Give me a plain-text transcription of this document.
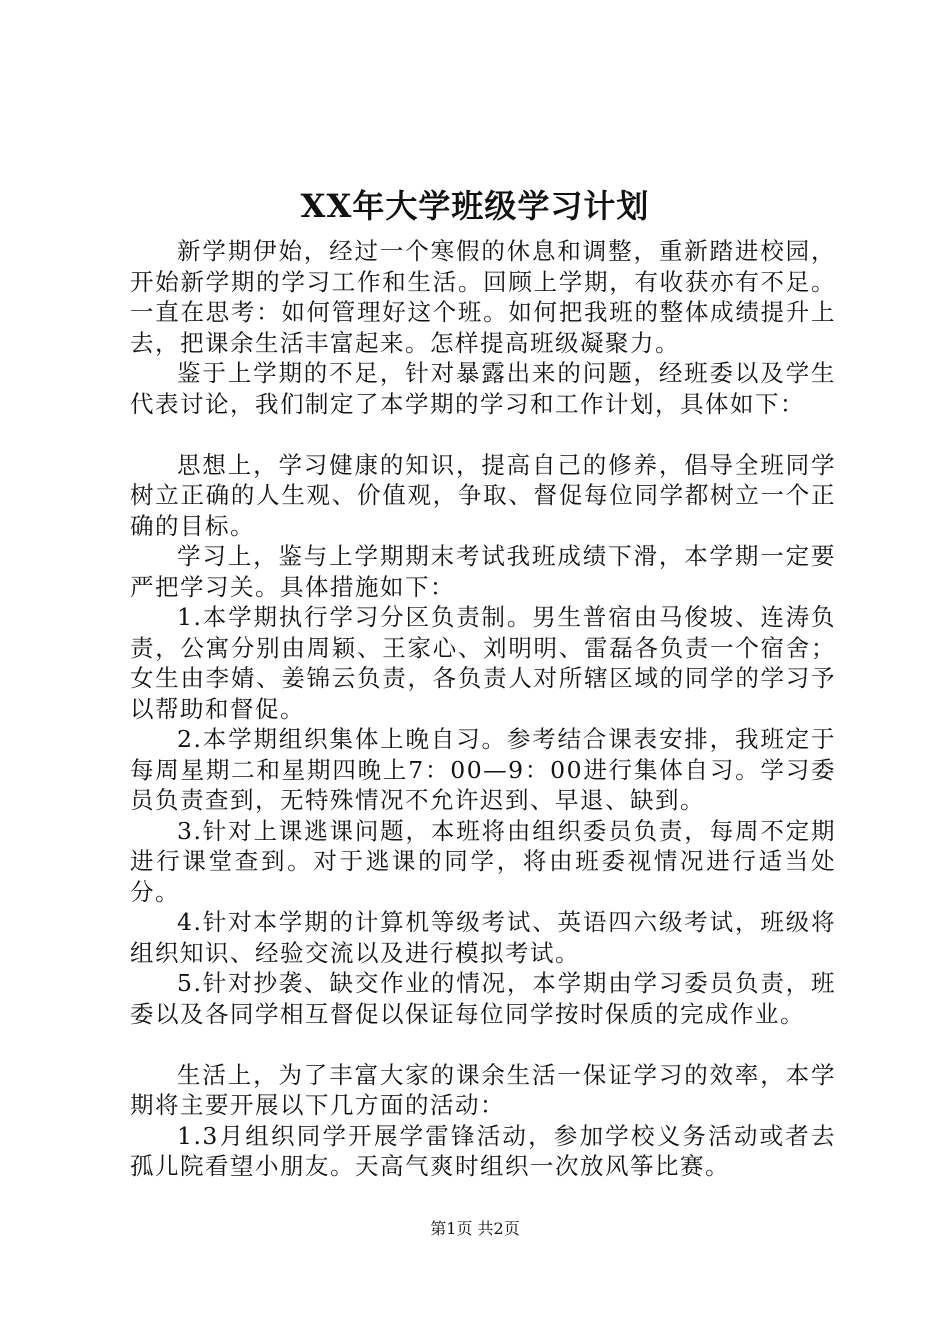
XX年大学班级学习计划

新学期伊始，经过一个寒假的休息和调整，重新踏进校园，开始新学期的学习工作和生活。回顾上学期，有收获亦有不足。一直在思考：如何管理好这个班。如何把我班的整体成绩提升上去，把课余生活丰富起来。怎样提高班级凝聚力。

鉴于上学期的不足，针对暴露出来的问题，经班委以及学生代表讨论，我们制定了本学期的学习和工作计划，具体如下：

思想上，学习健康的知识，提高自己的修养，倡导全班同学树立正确的人生观、价值观，争取、督促每位同学都树立一个正确的目标。

学习上，鉴与上学期期末考试我班成绩下滑，本学期一定要严把学习关。具体措施如下：

1.本学期执行学习分区负责制。男生普宿由马俊坡、连涛负责，公寓分别由周颖、王家心、刘明明、雷磊各负责一个宿舍；女生由李婧、姜锦云负责，各负责人对所辖区域的同学的学习予以帮助和督促。

2.本学期组织集体上晚自习。参考结合课表安排，我班定于每周星期二和星期四晚上7：00—9：00进行集体自习。学习委员负责查到，无特殊情况不允许迟到、早退、缺到。

3.针对上课逃课问题，本班将由组织委员负责，每周不定期进行课堂查到。对于逃课的同学，将由班委视情况进行适当处分。

4.针对本学期的计算机等级考试、英语四六级考试，班级将组织知识、经验交流以及进行模拟考试。

5.针对抄袭、缺交作业的情况，本学期由学习委员负责，班委以及各同学相互督促以保证每位同学按时保质的完成作业。

生活上，为了丰富大家的课余生活一保证学习的效率，本学期将主要开展以下几方面的活动：

1.3月组织同学开展学雷锋活动，参加学校义务活动或者去孤儿院看望小朋友。天高气爽时组织一次放风筝比赛。

第1页 共2页
